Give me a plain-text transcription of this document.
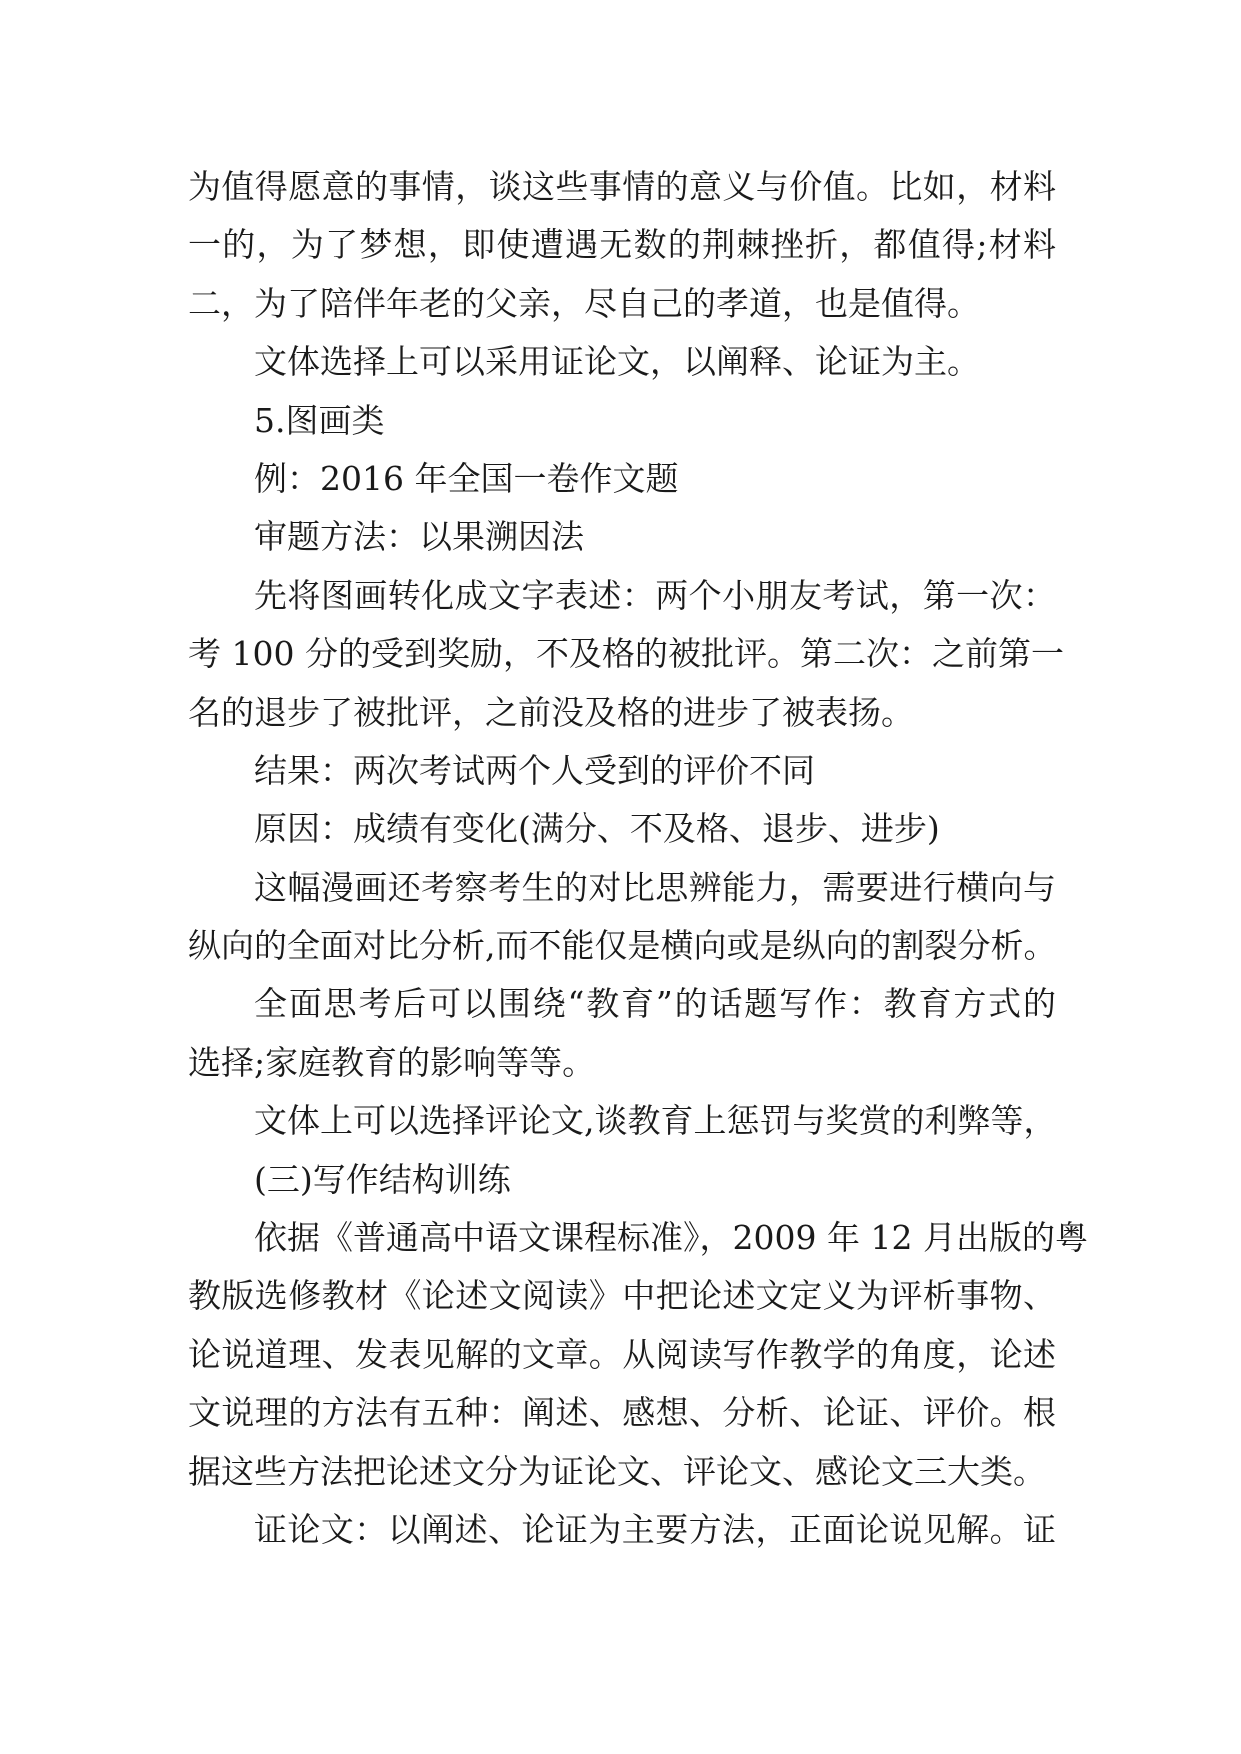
为值得愿意的事情，谈这些事情的意义与价值。比如，材料
一的，为了梦想，即使遭遇无数的荆棘挫折，都值得;材料
二，为了陪伴年老的父亲，尽自己的孝道，也是值得。
文体选择上可以采用证论文，以阐释、论证为主。
5.图画类
例：2016 年全国一卷作文题
审题方法：以果溯因法
先将图画转化成文字表述：两个小朋友考试，第一次：
考 100 分的受到奖励，不及格的被批评。第二次：之前第一
名的退步了被批评，之前没及格的进步了被表扬。
结果：两次考试两个人受到的评价不同
原因：成绩有变化(满分、不及格、退步、进步)
这幅漫画还考察考生的对比思辨能力，需要进行横向与
纵向的全面对比分析,而不能仅是横向或是纵向的割裂分析。
全面思考后可以围绕“教育”的话题写作：教育方式的
选择;家庭教育的影响等等。
文体上可以选择评论文,谈教育上惩罚与奖赏的利弊等，
(三)写作结构训练
依据《普通高中语文课程标准》，2009 年 12 月出版的粤
教版选修教材《论述文阅读》中把论述文定义为评析事物、
论说道理、发表见解的文章。从阅读写作教学的角度，论述
文说理的方法有五种：阐述、感想、分析、论证、评价。根
据这些方法把论述文分为证论文、评论文、感论文三大类。
证论文：以阐述、论证为主要方法，正面论说见解。证
